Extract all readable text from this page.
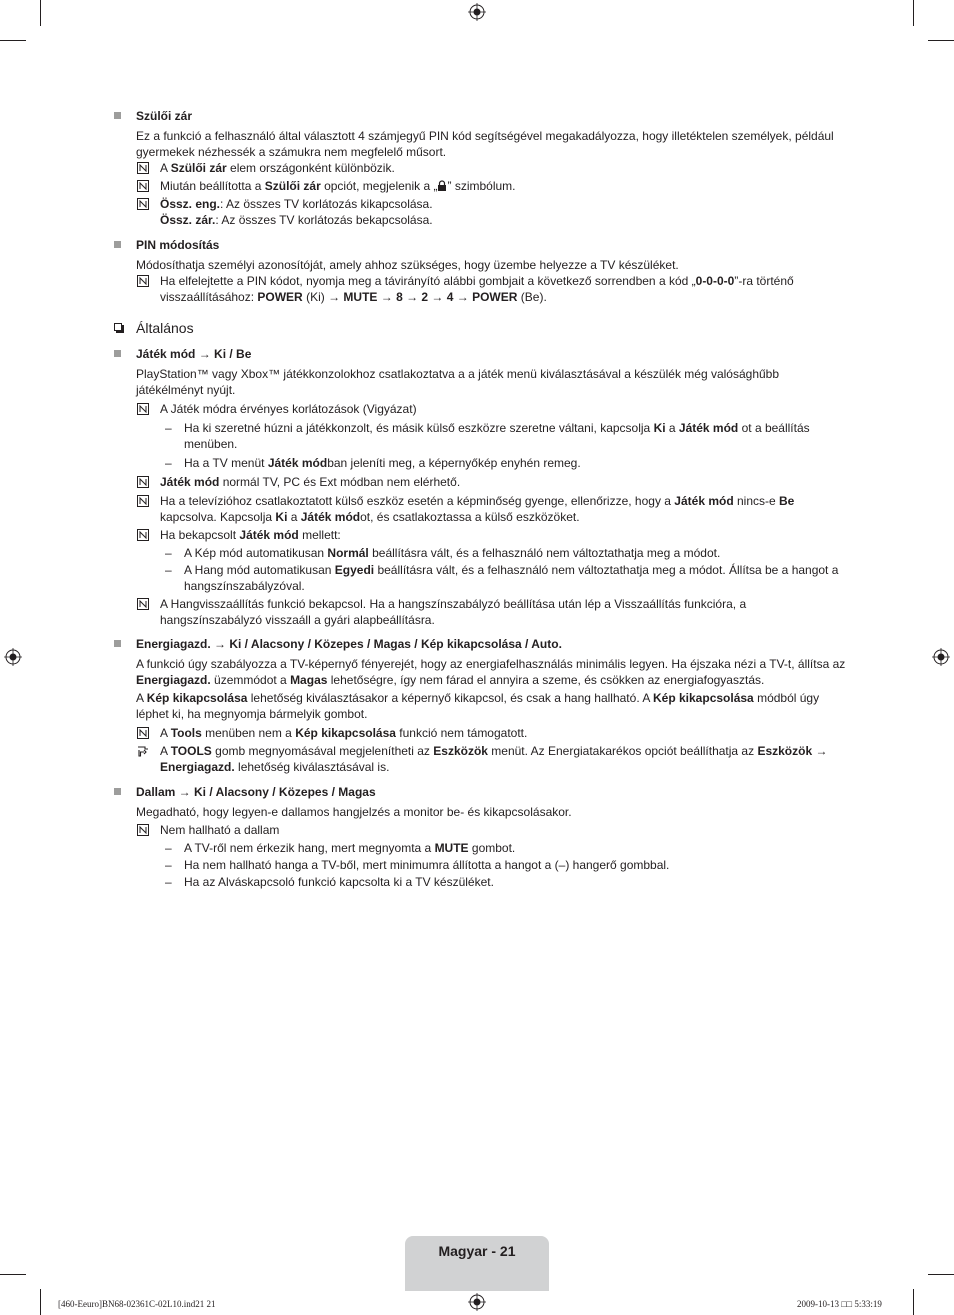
Szülői zár
Ez a funkció a felhasználó által választott 4 számjegyű PIN kód segítségével megakadályozza, hogy illetéktelen személyek, például gyermekek nézhessék a számukra nem megfelelő műsort.
A Szülői zár elem országonként különbözik.
Miután beállította a Szülői zár opciót, megjelenik a „ ” szimbólum.
Össz. eng.: Az összes TV korlátozás kikapcsolása.
Össz. zár.: Az összes TV korlátozás bekapcsolása.
PIN módosítás
Módosíthatja személyi azonosítóját, amely ahhoz szükséges, hogy üzembe helyezze a TV készüléket.
Ha elfelejtette a PIN kódot, nyomja meg a távirányító alábbi gombjait a következő sorrendben a kód „0-0-0-0”-ra történő visszaállításához: POWER (Ki) → MUTE → 8 → 2 → 4 → POWER (Be).
Általános
Játék mód → Ki / Be
PlayStation™ vagy Xbox™ játékkonzolokhoz csatlakoztatva a a játék menü kiválasztásával a készülék még valósághűbb játékélményt nyújt.
A Játék módra érvényes korlátozások (Vigyázat)
– Ha ki szeretné húzni a játékkonzolt, és másik külső eszközre szeretne váltani, kapcsolja Ki a Játék mód ot a beállítás menüben.
– Ha a TV menüt Játék módban jeleníti meg, a képernyőkép enyhén remeg.
Játék mód normál TV, PC és Ext módban nem elérhető.
Ha a televízióhoz csatlakoztatott külső eszköz esetén a képminőség gyenge, ellenőrizze, hogy a Játék mód nincs-e Be kapcsolva. Kapcsolja Ki a Játék módot, és csatlakoztassa a külső eszközöket.
Ha bekapcsolt Játék mód mellett:
– A Kép mód automatikusan Normál beállításra vált, és a felhasználó nem változtathatja meg a módot.
– A Hang mód automatikusan Egyedi beállításra vált, és a felhasználó nem változtathatja meg a módot. Állítsa be a hangot a hangszínszabályzóval.
A Hangvisszaállítás funkció bekapcsol. Ha a hangszínszabályzó beállítása után lép a Visszaállítás funkcióra, a hangszínszabályzó visszaáll a gyári alapbeállításra.
Energiagazd. → Ki / Alacsony / Közepes / Magas / Kép kikapcsolása / Auto.
A funkció úgy szabályozza a TV-képernyő fényerejét, hogy az energiafelhasználás minimális legyen. Ha éjszaka nézi a TV-t, állítsa az Energiagazd. üzemmódot a Magas lehetőségre, így nem fárad el annyira a szeme, és csökken az energiafogyasztás.
A Kép kikapcsolása lehetőség kiválasztásakor a képernyő kikapcsol, és csak a hang hallható. A Kép kikapcsolása módból úgy léphet ki, ha megnyomja bármelyik gombot.
A Tools menüben nem a Kép kikapcsolása funkció nem támogatott.
A TOOLS gomb megnyomásával megjelenítheti az Eszközök menüt. Az Energiatakarékos opciót beállíthatja az Eszközök → Energiagazd. lehetőség kiválasztásával is.
Dallam → Ki / Alacsony / Közepes / Magas
Megadható, hogy legyen-e dallamos hangjelzés a monitor be- és kikapcsolásakor.
Nem hallható a dallam
– A TV-ről nem érkezik hang, mert megnyomta a MUTE gombot.
– Ha nem hallható hanga a TV-ből, mert minimumra állította a hangot a (–) hangerő gombbal.
– Ha az Alváskapcsoló funkció kapcsolta ki a TV készüléket.
Magyar - 21
[460-Eeuro]BN68-02361C-02L10.ind21 21	2009-10-13 □□ 5:33:19
